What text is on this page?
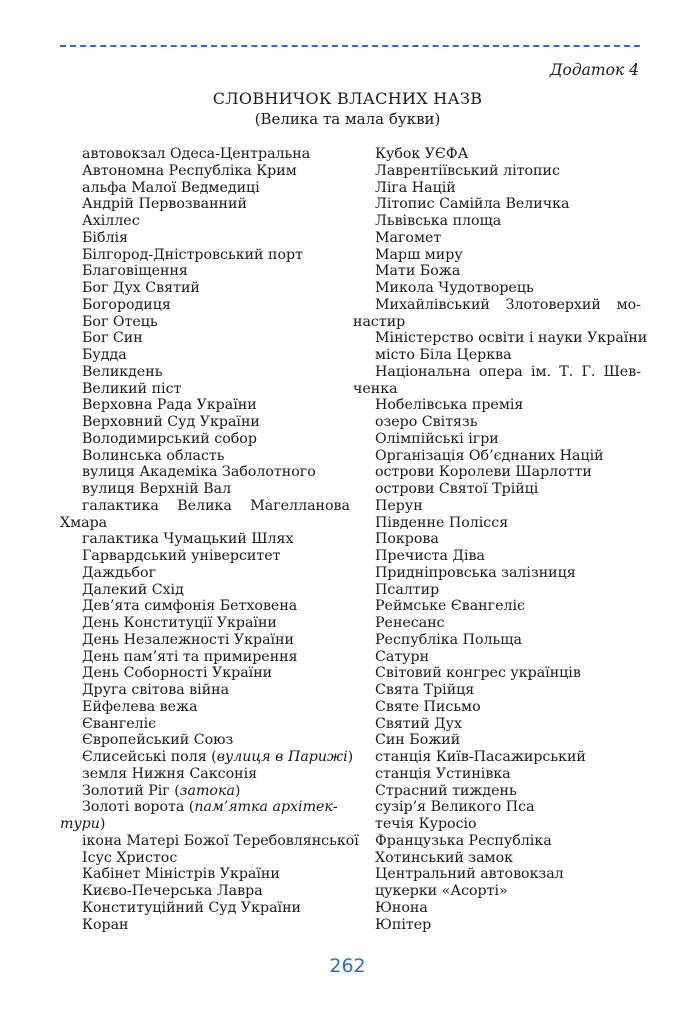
Додаток 4
СЛОВНИЧОК ВЛАСНИХ НАЗВ
(Велика та мала букви)
автовокзал Одеса-Центральна
Автономна Республіка Крим
альфа Малої Ведмедиці
Андрій Первозванний
Ахіллес
Біблія
Білгород-Дністровський порт
Благовіщення
Бог Дух Святий
Богородиця
Бог Отець
Бог Син
Будда
Великдень
Великий піст
Верховна Рада України
Верховний Суд України
Володимирський собор
Волинська область
вулиця Академіка Заболотного
вулиця Верхній Вал
галактика Велика Магелланова
Хмара
галактика Чумацький Шлях
Гарвардський університет
Даждьбог
Далекий Схід
Дев’ята симфонія Бетховена
День Конституції України
День Незалежності України
День пам’яті та примирення
День Соборності України
Друга світова війна
Ейфелева вежа
Євангеліє
Європейський Союз
Єлисейські поля (вулиця в Парижі)
земля Нижня Саксонія
Золотий Ріг (затока)
Золоті ворота (пам’ятка архітек-
тури)
ікона Матері Божої Теребовлянської
Ісус Христос
Кабінет Міністрів України
Києво-Печерська Лавра
Конституційний Суд України
Коран
Кубок УЄФА
Лаврентіївський літопис
Ліга Націй
Літопис Самійла Величка
Львівська площа
Магомет
Марш миру
Мати Божа
Микола Чудотворець
Михайлівський Злотоверхий мо-
настир
Міністерство освіти і науки України
місто Біла Церква
Національна опера ім. Т. Г. Шев-
ченка
Нобелівська премія
озеро Світязь
Олімпійські ігри
Організація Об’єднаних Націй
острови Королеви Шарлотти
острови Святої Трійці
Перун
Південне Полісся
Покрова
Пречиста Діва
Придніпровська залізниця
Псалтир
Реймське Євангеліє
Ренесанс
Республіка Польща
Сатурн
Світовий конгрес українців
Свята Трійця
Святе Письмо
Святий Дух
Син Божий
станція Київ-Пасажирський
станція Устинівка
Страсний тиждень
сузір’я Великого Пса
течія Куросіо
Французька Республіка
Хотинський замок
Центральний автовокзал
цукерки «Асорті»
Юнона
Юпітер
262
